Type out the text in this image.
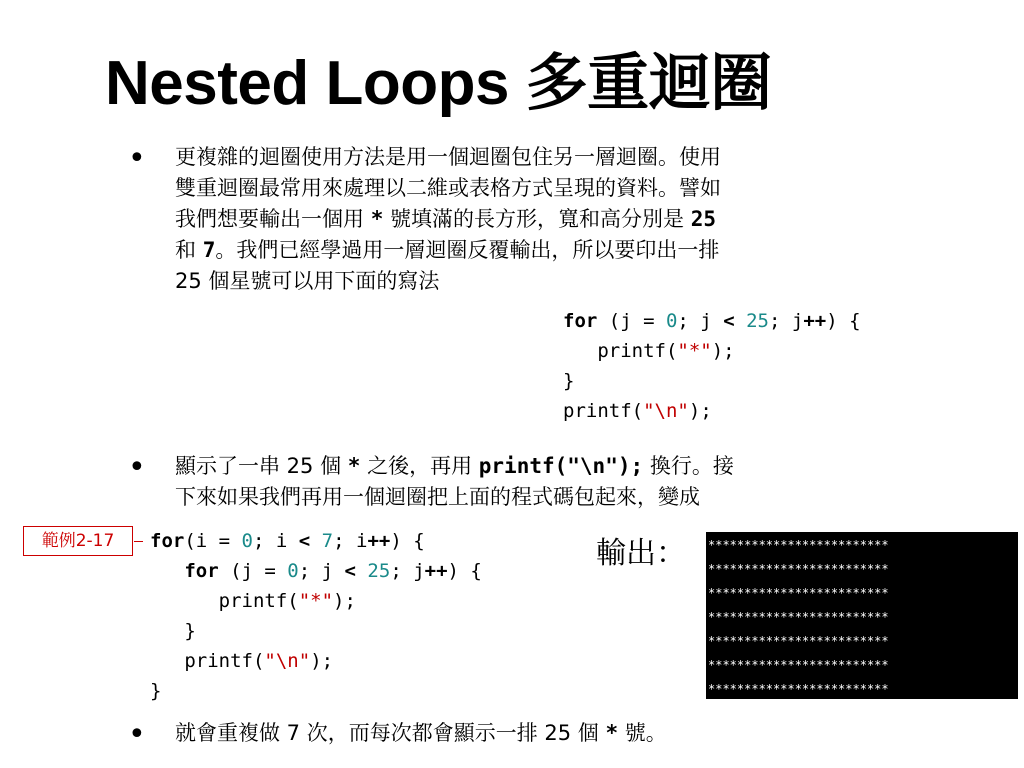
Nested Loops 多重迴圈
• 更複雜的迴圈使用方法是用一個迴圈包住另一層迴圈。使用
雙重迴圈最常用來處理以二維或表格方式呈現的資料。譬如
我們想要輸出一個用 * 號填滿的長方形，寬和高分別是 25
和 7。我們已經學過用一層迴圈反覆輸出，所以要印出一排
25 個星號可以用下面的寫法
for (j = 0; j < 25; j++) {
printf("*");
}
printf("\n");
• 顯示了一串 25 個 * 之後，再用 printf("\n"); 換行。接
下來如果我們再用一個迴圈把上面的程式碼包起來，變成
範例2-17	for(i = 0; i < 7; i++) {
for (j = 0; j < 25; j++) {
printf("*");
}
printf("\n");
}
輸出： *************************
*************************
*************************
*************************
*************************
*************************
*************************
• 就會重複做 7 次，而每次都會顯示一排 25 個 * 號。
